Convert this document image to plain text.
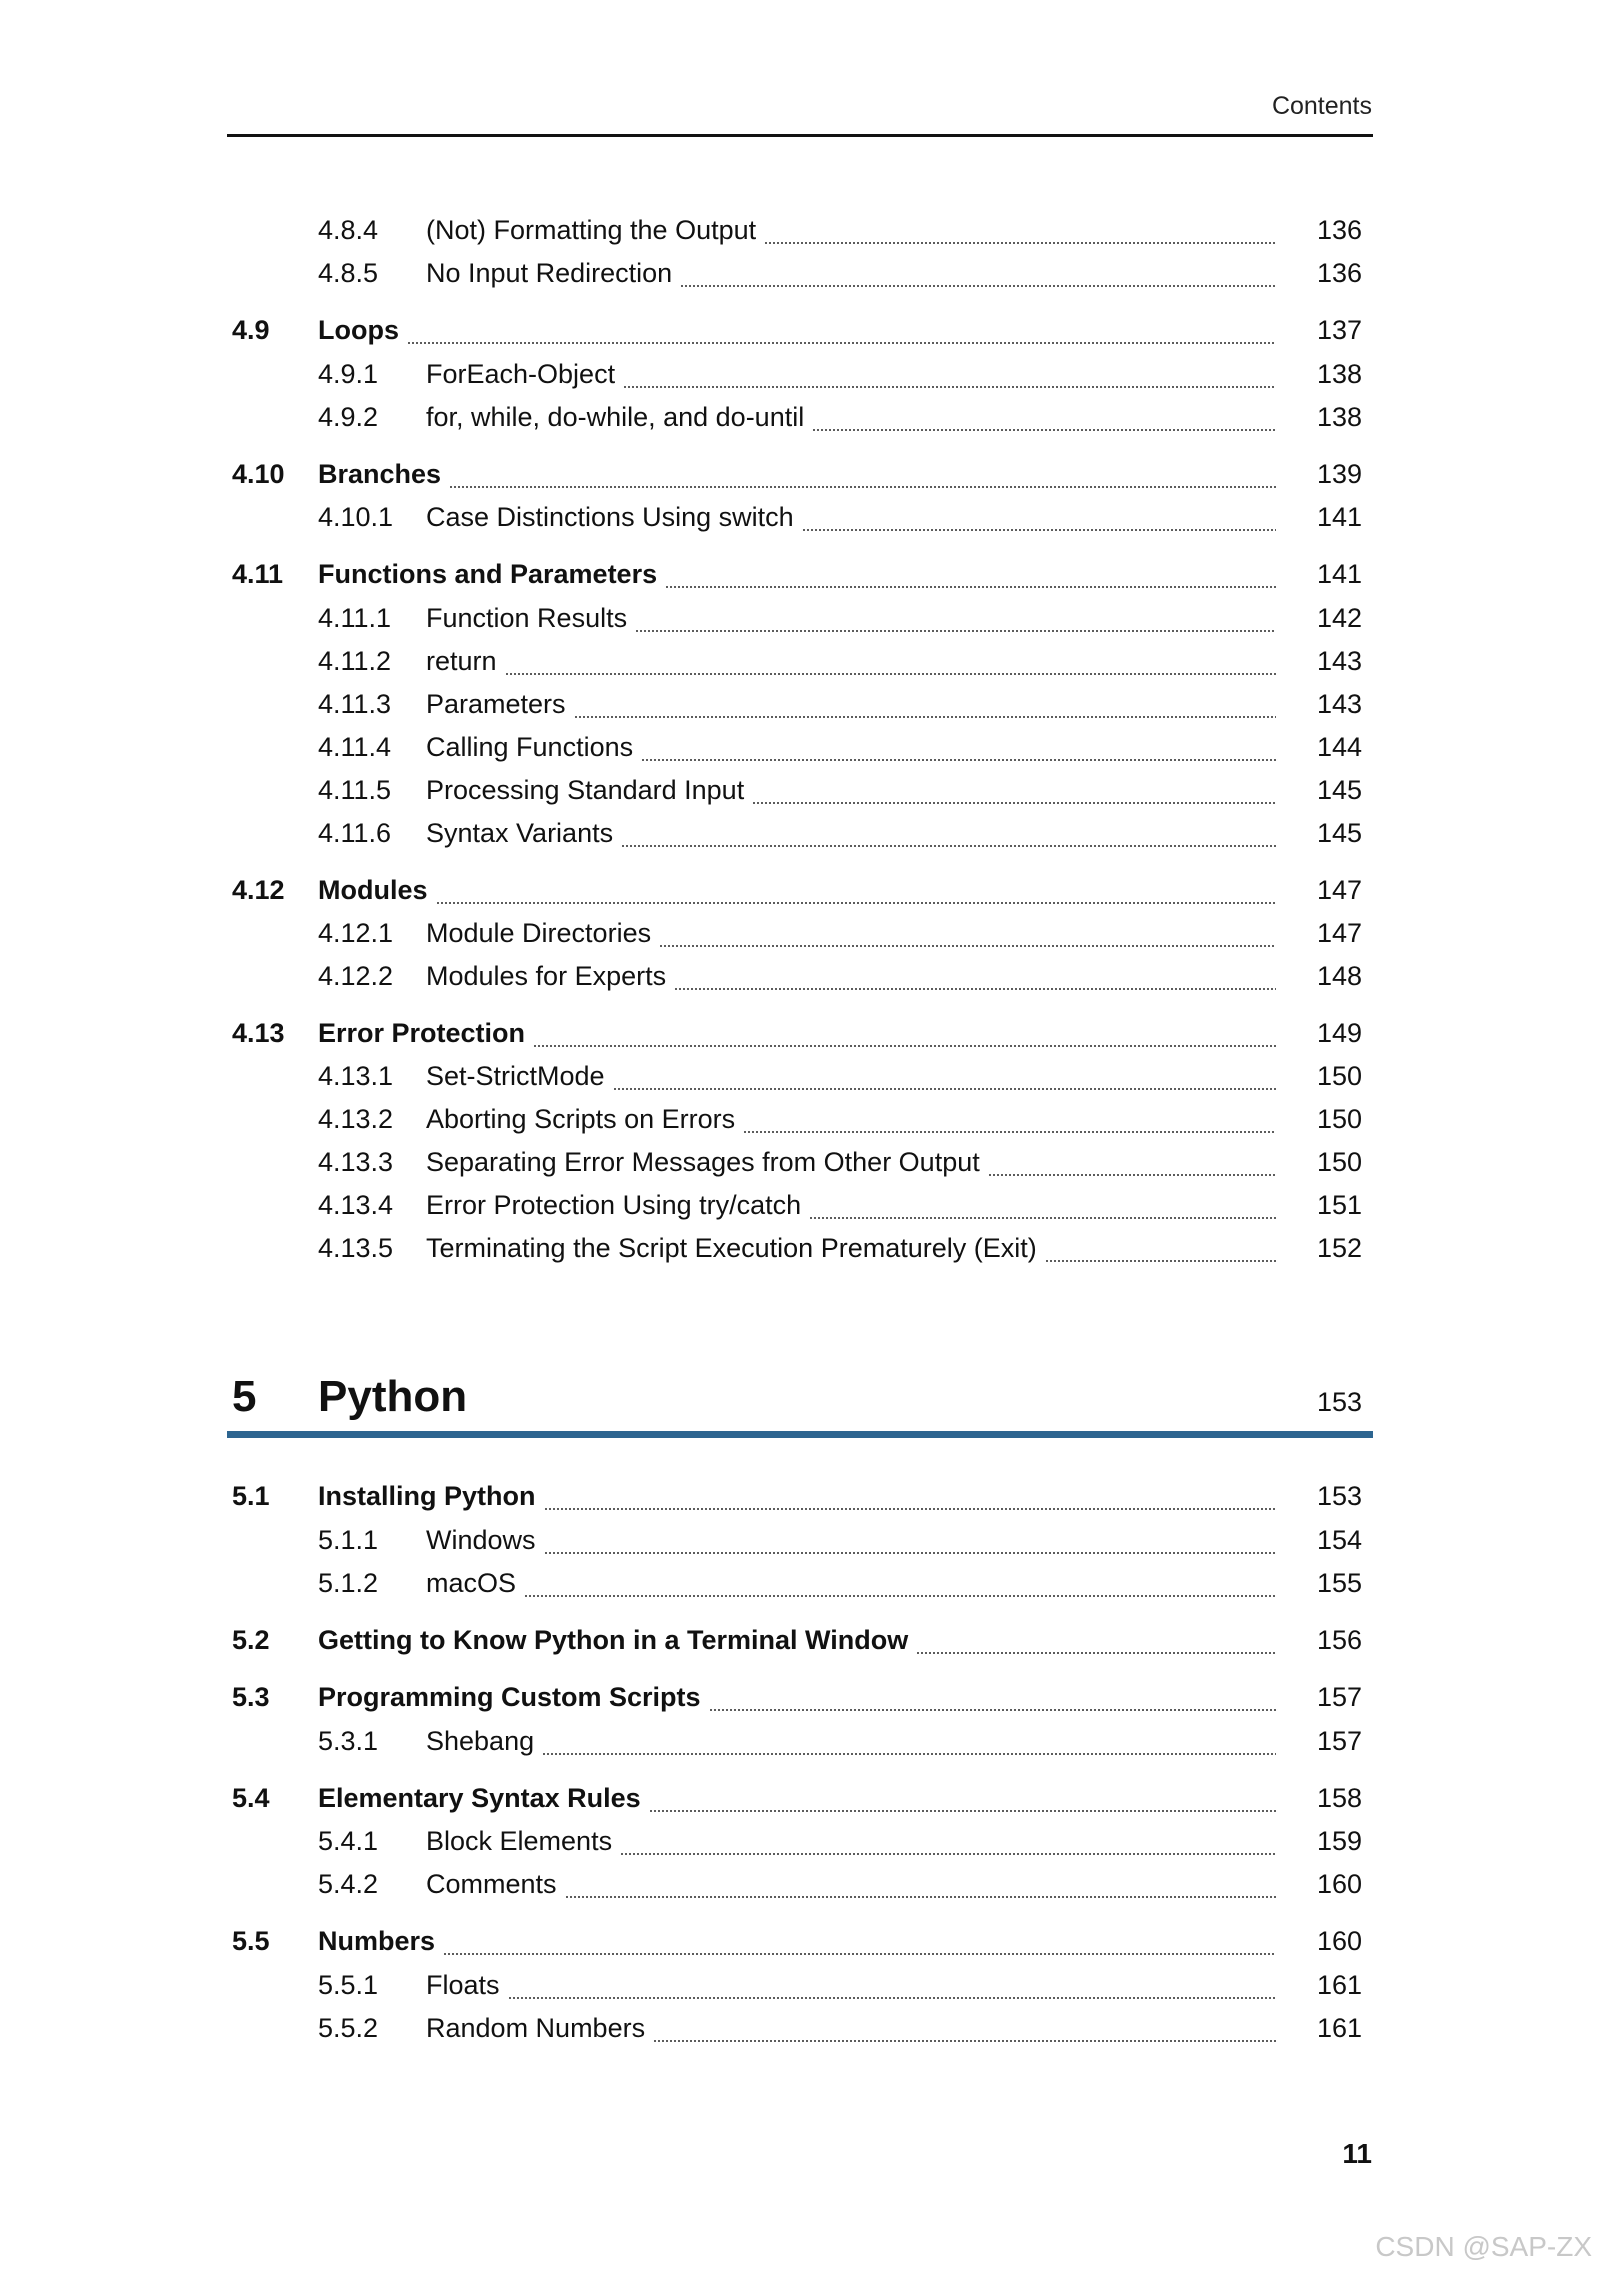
Contents
4.8.4	(Not) Formatting the Output	136
4.8.5	No Input Redirection	136
4.9	Loops	137
4.9.1	ForEach-Object	138
4.9.2	for, while, do-while, and do-until	138
4.10	Branches	139
4.10.1	Case Distinctions Using switch	141
4.11	Functions and Parameters	141
4.11.1	Function Results	142
4.11.2	return	143
4.11.3	Parameters	143
4.11.4	Calling Functions	144
4.11.5	Processing Standard Input	145
4.11.6	Syntax Variants	145
4.12	Modules	147
4.12.1	Module Directories	147
4.12.2	Modules for Experts	148
4.13	Error Protection	149
4.13.1	Set-StrictMode	150
4.13.2	Aborting Scripts on Errors	150
4.13.3	Separating Error Messages from Other Output	150
4.13.4	Error Protection Using try/catch	151
4.13.5	Terminating the Script Execution Prematurely (Exit)	152
5	Python	153
5.1	Installing Python	153
5.1.1	Windows	154
5.1.2	macOS	155
5.2	Getting to Know Python in a Terminal Window	156
5.3	Programming Custom Scripts	157
5.3.1	Shebang	157
5.4	Elementary Syntax Rules	158
5.4.1	Block Elements	159
5.4.2	Comments	160
5.5	Numbers	160
5.5.1	Floats	161
5.5.2	Random Numbers	161
11
CSDN @SAP-ZX
